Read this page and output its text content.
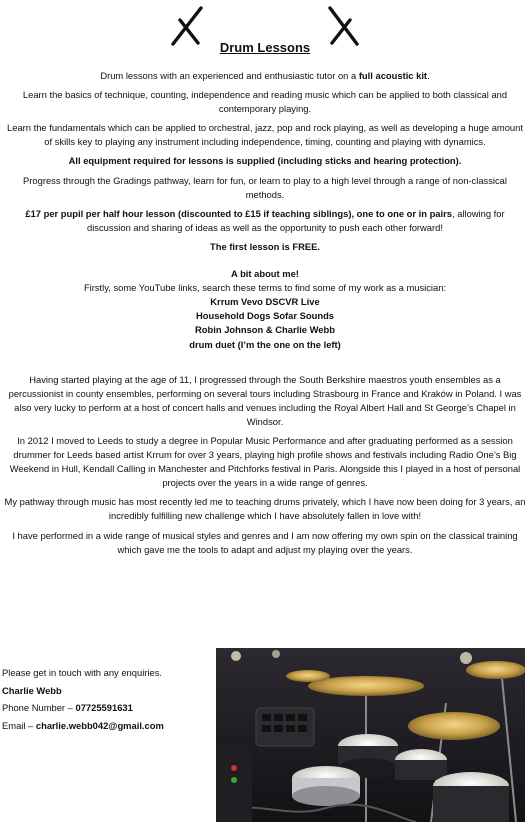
Drum Lessons

Drum lessons with an experienced and enthusiastic tutor on a full acoustic kit.

Learn the basics of technique, counting, independence and reading music which can be applied to both classical and contemporary playing.

Learn the fundamentals which can be applied to orchestral, jazz, pop and rock playing, as well as developing a huge amount of skills key to playing any instrument including independence, timing, counting and playing with dynamics.

All equipment required for lessons is supplied (including sticks and hearing protection).

Progress through the Gradings pathway, learn for fun, or learn to play to a high level through a range of non-classical methods.

£17 per pupil per half hour lesson (discounted to £15 if teaching siblings), one to one or in pairs, allowing for discussion and sharing of ideas as well as the opportunity to push each other forward!

The first lesson is FREE.

A bit about me!
Firstly, some YouTube links, search these terms to find some of my work as a musician:
Krrum Vevo DSCVR Live
Household Dogs Sofar Sounds
Robin Johnson & Charlie Webb

drum duet (I’m the one on the left)

Having started playing at the age of 11, I progressed through the South Berkshire maestros youth ensembles as a percussionist in county ensembles, performing on several tours including Strasbourg in France and Kraków in Poland. I was also very lucky to perform at a host of concert halls and venues including the Royal Albert Hall and St George’s Chapel in Windsor.

In 2012 I moved to Leeds to study a degree in Popular Music Performance and after graduating performed as a session drummer for Leeds based artist Krrum for over 3 years, playing high profile shows and festivals including Radio One’s Big Weekend in Hull, Kendall Calling in Manchester and Pitchforks festival in Paris. Alongside this I played in a host of personal projects over the years in a wide range of genres.

My pathway through music has most recently led me to teaching drums privately, which I have now been doing for 3 years, an incredibly fulfilling new challenge which I have absolutely fallen in love with!

I have performed in a wide range of musical styles and genres and I am now offering my own spin on the classical training which gave me the tools to adapt and adjust my playing over the years.

Please get in touch with any enquiries.
Charlie Webb
Phone Number – 07725591631
Email – charlie.webb042@gmail.com
